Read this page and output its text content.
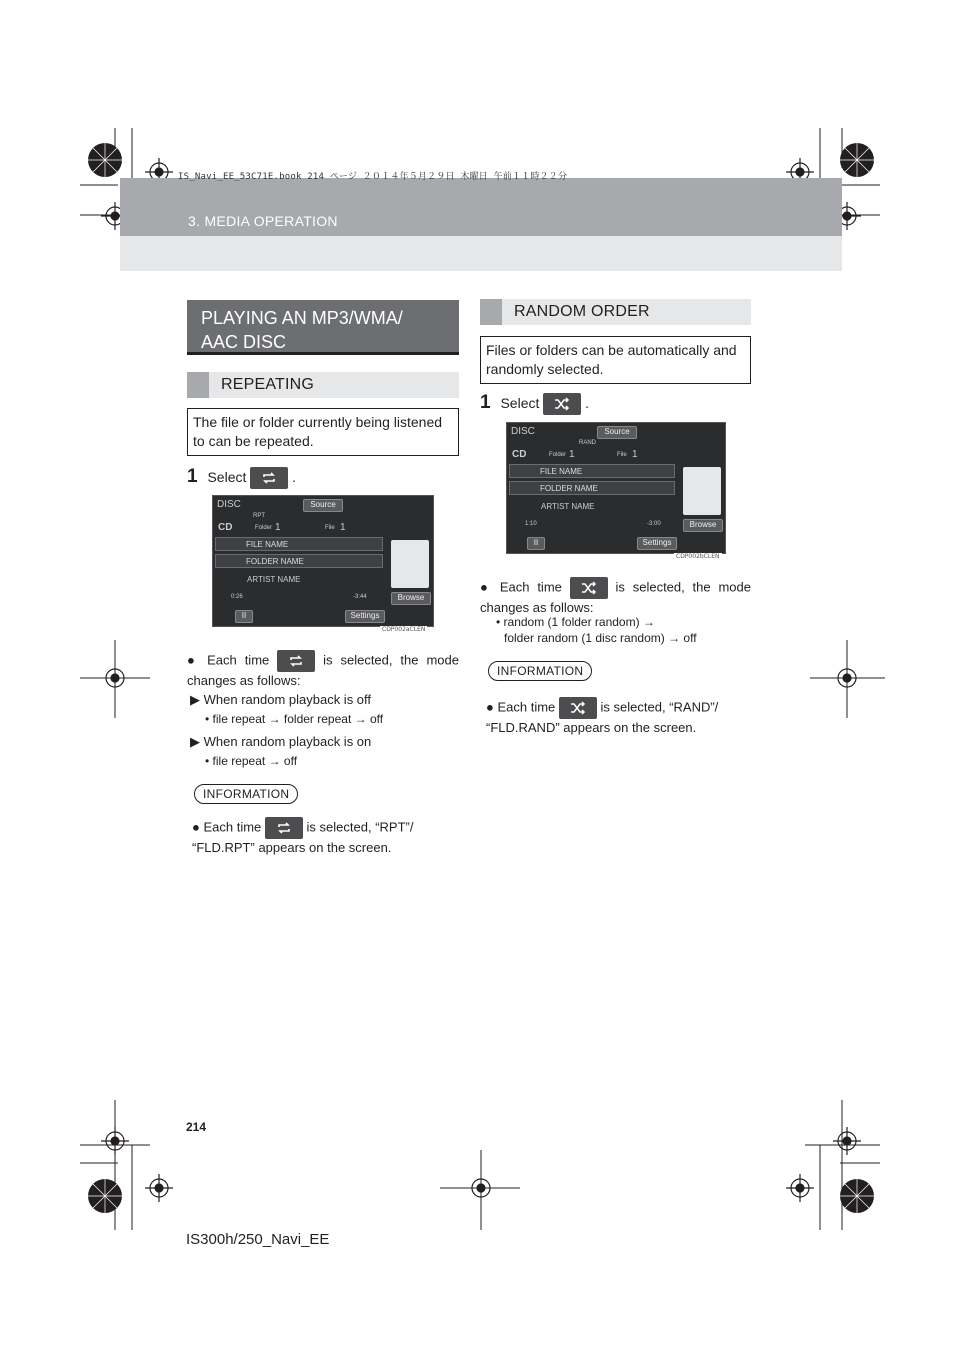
IS_Navi_EE_53C71E.book 214 ページ ２０１４年５月２９日 木曜日 午前１１時２２分
3. MEDIA OPERATION
PLAYING AN MP3/WMA/
AAC DISC
REPEATING
The file or folder currently being listened to can be repeated.
1 Select	.
DISC	Source
RPT
CD	Folder 1	File 1
FILE NAME
FOLDER NAME
ARTIST NAME
0:26	-3:44	Browse
Settings
II
CDP002aCLEN
● Each time	is selected, the mode changes as follows:
▶ When random playback is off
• file repeat → folder repeat → off
▶ When random playback is on
• file repeat → off
INFORMATION
● Each time	is selected, “RPT”/ “FLD.RPT” appears on the screen.
RANDOM ORDER
Files or folders can be automatically and randomly selected.
1 Select	.
DISC	Source
RAND
CD	Folder 1	File 1
FILE NAME
FOLDER NAME
ARTIST NAME
1:10	-3:00	Browse
Settings
II
CDP002bCLEN
● Each time	is selected, the mode changes as follows:
• random (1 folder random) →
folder random (1 disc random) → off
INFORMATION
● Each time	is selected, “RAND”/ “FLD.RAND” appears on the screen.
214
IS300h/250_Navi_EE
